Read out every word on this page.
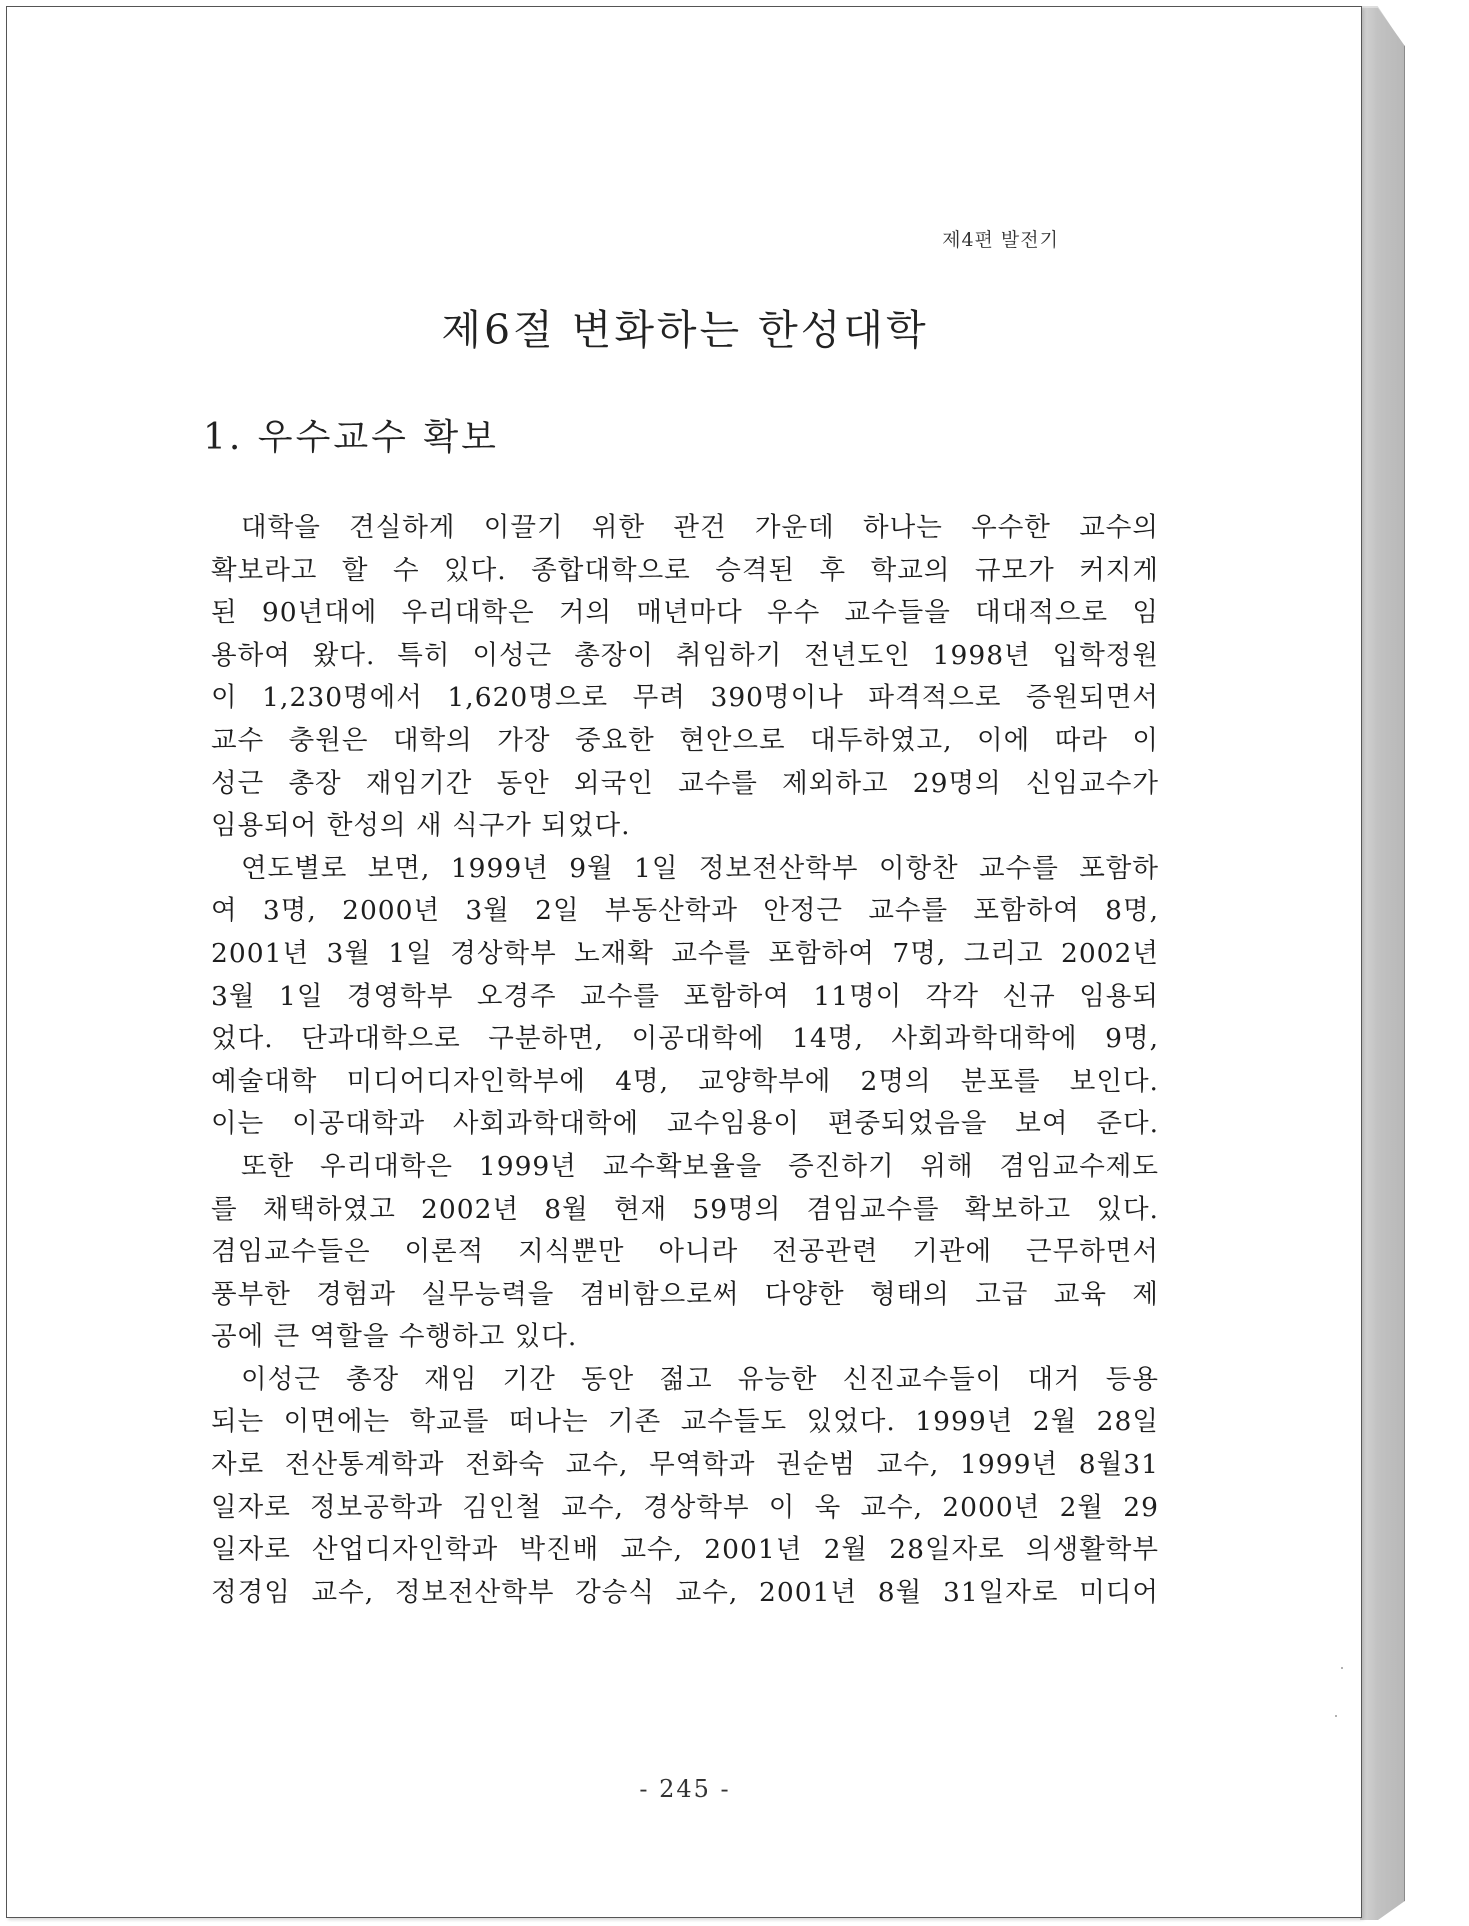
제4편 발전기
제6절 변화하는 한성대학
1. 우수교수 확보
대학을 견실하게 이끌기 위한 관건 가운데 하나는 우수한 교수의
확보라고 할 수 있다. 종합대학으로 승격된 후 학교의 규모가 커지게
된 90년대에 우리대학은 거의 매년마다 우수 교수들을 대대적으로 임
용하여 왔다. 특히 이성근 총장이 취임하기 전년도인 1998년 입학정원
이 1,230명에서 1,620명으로 무려 390명이나 파격적으로 증원되면서
교수 충원은 대학의 가장 중요한 현안으로 대두하였고, 이에 따라 이
성근 총장 재임기간 동안 외국인 교수를 제외하고 29명의 신임교수가
임용되어 한성의 새 식구가 되었다.
연도별로 보면, 1999년 9월 1일 정보전산학부 이항찬 교수를 포함하
여 3명, 2000년 3월 2일 부동산학과 안정근 교수를 포함하여 8명,
2001년 3월 1일 경상학부 노재확 교수를 포함하여 7명, 그리고 2002년
3월 1일 경영학부 오경주 교수를 포함하여 11명이 각각 신규 임용되
었다. 단과대학으로 구분하면, 이공대학에 14명, 사회과학대학에 9명,
예술대학 미디어디자인학부에 4명, 교양학부에 2명의 분포를 보인다.
이는 이공대학과 사회과학대학에 교수임용이 편중되었음을 보여 준다.
또한 우리대학은 1999년 교수확보율을 증진하기 위해 겸임교수제도
를 채택하였고 2002년 8월 현재 59명의 겸임교수를 확보하고 있다.
겸임교수들은 이론적 지식뿐만 아니라 전공관련 기관에 근무하면서
풍부한 경험과 실무능력을 겸비함으로써 다양한 형태의 고급 교육 제
공에 큰 역할을 수행하고 있다.
이성근 총장 재임 기간 동안 젊고 유능한 신진교수들이 대거 등용
되는 이면에는 학교를 떠나는 기존 교수들도 있었다. 1999년 2월 28일
자로 전산통계학과 전화숙 교수, 무역학과 권순범 교수, 1999년 8월31
일자로 정보공학과 김인철 교수, 경상학부 이 욱 교수, 2000년 2월 29
일자로 산업디자인학과 박진배 교수, 2001년 2월 28일자로 의생활학부
정경임 교수, 정보전산학부 강승식 교수, 2001년 8월 31일자로 미디어
- 245 -
